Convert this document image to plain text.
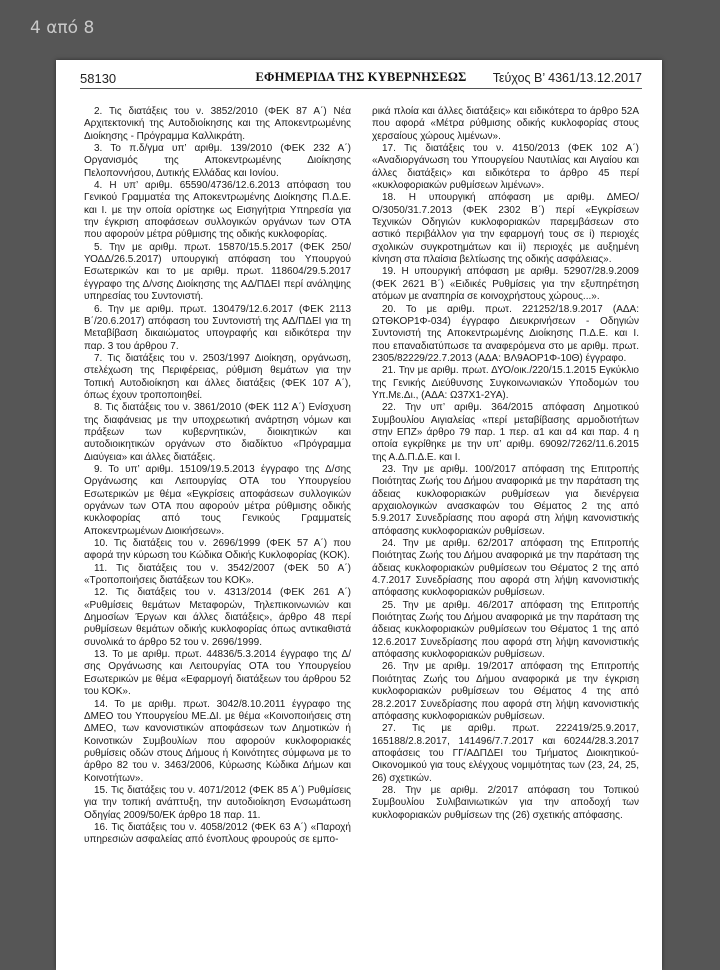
4 από 8
58130	ΕΦΗΜΕΡΙΔΑ ΤΗΣ ΚΥΒΕΡΝΗΣΕΩΣ	Τεύχος B’ 4361/13.12.2017

2. Τις διατάξεις του ν. 3852/2010 (ΦΕΚ 87 Α΄) Νέα Αρχιτεκτονική της Αυτοδιοίκησης και της Αποκεντρωμένης Διοίκησης - Πρόγραμμα Καλλικράτη.

3. Το π.δ/γμα υπ’ αριθμ. 139/2010 (ΦΕΚ 232 Α΄) Οργανισμός της Αποκεντρωμένης Διοίκησης Πελοποννήσου, Δυτικής Ελλάδας και Ιονίου.

4. Η υπ’ αριθμ. 65590/4736/12.6.2013 απόφαση του Γενικού Γραμματέα της Αποκεντρωμένης Διοίκησης Π.Δ.Ε. και Ι. με την οποία ορίστηκε ως Εισηγήτρια Υπηρεσία για την έγκριση αποφάσεων συλλογικών οργάνων των ΟΤΑ που αφορούν μέτρα ρύθμισης της οδικής κυκλοφορίας.

5. Την με αριθμ. πρωτ. 15870/15.5.2017 (ΦΕΚ 250/ΥΟΔΔ/26.5.2017) υπουργική απόφαση του Υπουργού Εσωτερικών και το με αριθμ. πρωτ. 118604/29.5.2017 έγγραφο της Δ/νσης Διοίκησης της ΑΔ/ΠΔΕΙ περί ανάληψης υπηρεσίας του Συντονιστή.

6. Την με αριθμ. πρωτ. 130479/12.6.2017 (ΦΕΚ 2113 Β΄/20.6.2017) απόφαση του Συντονιστή της ΑΔ/ΠΔΕΙ για τη Μεταβίβαση δικαιώματος υπογραφής και ειδικότερα την παρ. 3 του άρθρου 7.

7. Τις διατάξεις του ν. 2503/1997 Διοίκηση, οργάνωση, στελέχωση της Περιφέρειας, ρύθμιση θεμάτων για την Τοπική Αυτοδιοίκηση και άλλες διατάξεις (ΦΕΚ 107 Α΄), όπως έχουν τροποποιηθεί.

8. Τις διατάξεις του ν. 3861/2010 (ΦΕΚ 112 Α΄) Ενίσχυση της διαφάνειας με την υποχρεωτική ανάρτηση νόμων και πράξεων των κυβερνητικών, διοικητικών και αυτοδιοικητικών οργάνων στο διαδίκτυο «Πρόγραμμα Διαύγεια» και άλλες διατάξεις.

9. Το υπ’ αριθμ. 15109/19.5.2013 έγγραφο της Δ/σης Οργάνωσης και Λειτουργίας ΟΤΑ του Υπουργείου Εσωτερικών με θέμα «Εγκρίσεις αποφάσεων συλλογικών οργάνων των ΟΤΑ που αφορούν μέτρα ρύθμισης οδικής κυκλοφορίας από τους Γενικούς Γραμματείς Αποκεντρωμένων Διοικήσεων».

10. Τις διατάξεις του ν. 2696/1999 (ΦΕΚ 57 Α΄) που αφορά την κύρωση του Κώδικα Οδικής Κυκλοφορίας (ΚΟΚ).

11. Τις διατάξεις του ν. 3542/2007 (ΦΕΚ 50 Α΄) «Τροποποιήσεις διατάξεων του ΚΟΚ».

12. Τις διατάξεις του ν. 4313/2014 (ΦΕΚ 261 Α΄) «Ρυθμίσεις θεμάτων Μεταφορών, Τηλεπικοινωνιών και Δημοσίων Έργων και άλλες διατάξεις», άρθρο 48 περί ρυθμίσεων θεμάτων οδικής κυκλοφορίας όπως αντικαθιστά συνολικά το άρθρο 52 του ν. 2696/1999.

13. Το με αριθμ. πρωτ. 44836/5.3.2014 έγγραφο της Δ/σης Οργάνωσης και Λειτουργίας ΟΤΑ του Υπουργείου Εσωτερικών με θέμα «Εφαρμογή διατάξεων του άρθρου 52 του ΚΟΚ».

14. Το με αριθμ. πρωτ. 3042/8.10.2011 έγγραφο της ΔΜΕΟ του Υπουργείου ΜΕ.ΔΙ. με θέμα «Κοινοποιήσεις στη ΔΜΕΟ, των κανονιστικών αποφάσεων των Δημοτικών ή Κοινοτικών Συμβουλίων που αφορούν κυκλοφοριακές ρυθμίσεις οδών στους Δήμους ή Κοινότητες σύμφωνα με το άρθρο 82 του ν. 3463/2006, Κύρωσης Κώδικα Δήμων και Κοινοτήτων».

15. Τις διατάξεις του ν. 4071/2012 (ΦΕΚ 85 Α΄) Ρυθμίσεις για την τοπική ανάπτυξη, την αυτοδιοίκηση Ενσωμάτωση Οδηγίας 2009/50/ΕΚ άρθρο 18 παρ. 11.

16. Τις διατάξεις του ν. 4058/2012 (ΦΕΚ 63 Α΄) «Παροχή υπηρεσιών ασφαλείας από ένοπλους φρουρούς σε εμπο-

ρικά πλοία και άλλες διατάξεις» και ειδικότερα το άρθρο 52Α που αφορά «Μέτρα ρύθμισης οδικής κυκλοφορίας στους χερσαίους χώρους λιμένων».

17. Τις διατάξεις του ν. 4150/2013 (ΦΕΚ 102 Α΄) «Αναδιοργάνωση του Υπουργείου Ναυτιλίας και Αιγαίου και άλλες διατάξεις» και ειδικότερα το άρθρο 45 περί «κυκλοφοριακών ρυθμίσεων λιμένων».

18. Η υπουργική απόφαση με αριθμ. ΔΜΕΟ/Ο/3050/31.7.2013 (ΦΕΚ 2302 Β΄) περί «Εγκρίσεων Τεχνικών Οδηγιών κυκλοφοριακών παρεμβάσεων στο αστικό περιβάλλον για την εφαρμογή τους σε i) περιοχές σχολικών συγκροτημάτων και ii) περιοχές με αυξημένη κίνηση στα πλαίσια βελτίωσης της οδικής ασφάλειας».

19. Η υπουργική απόφαση με αριθμ. 52907/28.9.2009 (ΦΕΚ 2621 Β΄) «Ειδικές Ρυθμίσεις για την εξυπηρέτηση ατόμων με αναπηρία σε κοινοχρήστους χώρους...».

20. Το με αριθμ. πρωτ. 221252/18.9.2017 (ΑΔΑ: ΩΤΘΚΟΡ1Φ-034) έγγραφο Διευκρινήσεων - Οδηγιών Συντονιστή της Αποκεντρωμένης Διοίκησης Π.Δ.Ε. και Ι. που επαναδιατύπωσε τα αναφερόμενα στο με αριθμ. πρωτ. 2305/82229/22.7.2013 (ΑΔΑ: ΒΛ9ΑΟΡ1Φ-10Θ) έγγραφο.

21. Την με αριθμ. πρωτ. ΔΥΟ/οικ./220/15.1.2015 Εγκύκλιο της Γενικής Διεύθυνσης Συγκοινωνιακών Υποδομών του Υπ.Με.Δι., (ΑΔΑ: Ω37Χ1-2ΥΑ).

22. Την υπ’ αριθμ. 364/2015 απόφαση Δημοτικού Συμβουλίου Αιγιαλείας «περί μεταβίβασης αρμοδιοτήτων στην ΕΠΖ» άρθρο 79 παρ. 1 περ. α1 και α4 και παρ. 4 η οποία εγκρίθηκε με την υπ’ αριθμ. 69092/7262/11.6.2015 της Α.Δ.Π.Δ.Ε. και Ι.

23. Την με αριθμ. 100/2017 απόφαση της Επιτροπής Ποιότητας Ζωής του Δήμου αναφορικά με την παράταση της άδειας κυκλοφοριακών ρυθμίσεων για διενέργεια αρχαιολογικών ανασκαφών του Θέματος 2 της από 5.9.2017 Συνεδρίασης που αφορά στη λήψη κανονιστικής απόφασης κυκλοφοριακών ρυθμίσεων.

24. Την με αριθμ. 62/2017 απόφαση της Επιτροπής Ποιότητας Ζωής του Δήμου αναφορικά με την παράταση της άδειας κυκλοφοριακών ρυθμίσεων του Θέματος 2 της από 4.7.2017 Συνεδρίασης που αφορά στη λήψη κανονιστικής απόφασης κυκλοφοριακών ρυθμίσεων.

25. Την με αριθμ. 46/2017 απόφαση της Επιτροπής Ποιότητας Ζωής του Δήμου αναφορικά με την παράταση της άδειας κυκλοφοριακών ρυθμίσεων του Θέματος 1 της από 12.6.2017 Συνεδρίασης που αφορά στη λήψη κανονιστικής απόφασης κυκλοφοριακών ρυθμίσεων.

26. Την με αριθμ. 19/2017 απόφαση της Επιτροπής Ποιότητας Ζωής του Δήμου αναφορικά με την έγκριση κυκλοφοριακών ρυθμίσεων του Θέματος 4 της από 28.2.2017 Συνεδρίασης που αφορά στη λήψη κανονιστικής απόφασης κυκλοφοριακών ρυθμίσεων.

27. Τις με αριθμ. πρωτ. 222419/25.9.2017, 165188/2.8.2017, 141496/7.7.2017 και 60244/28.3.2017 αποφάσεις του ΓΓ/ΑΔΠΔΕΙ του Τμήματος Διοικητικού- Οικονομικού για τους ελέγχους νομιμότητας των (23, 24, 25, 26) σχετικών.

28. Την με αριθμ. 2/2017 απόφαση του Τοπικού Συμβουλίου Συλιβαινιωτικών για την αποδοχή των κυκλοφοριακών ρυθμίσεων της (26) σχετικής απόφασης.
